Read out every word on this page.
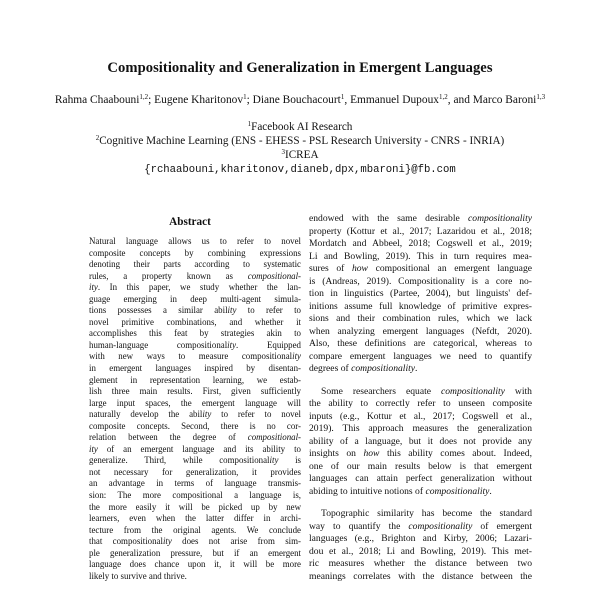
Compositionality and Generalization in Emergent Languages
Rahma Chaabouni$^{1,2}$; Eugene Kharitonov$^1$; Diane Bouchacourt$^1$, Emmanuel Dupoux$^{1,2}$, and Marco Baroni$^{1,3}$
$^1$Facebook AI Research
$^2$Cognitive Machine Learning (ENS - EHESS - PSL Research University - CNRS - INRIA)
$^3$ICREA
{rchaabouni,kharitonov,dianeb,dpx,mbaroni}@fb.com
Abstract
Natural language allows us to refer to novel
composite concepts by combining expressions
denoting their parts according to systematic
rules, a property known as compositional-
ity. In this paper, we study whether the lan-
guage emerging in deep multi-agent simula-
tions possesses a similar ability to refer to
novel primitive combinations, and whether it
accomplishes this feat by strategies akin to
human-language compositionality. Equipped
with new ways to measure compositionality
in emergent languages inspired by disentan-
glement in representation learning, we estab-
lish three main results. First, given sufficiently
large input spaces, the emergent language will
naturally develop the ability to refer to novel
composite concepts. Second, there is no cor-
relation between the degree of compositional-
ity of an emergent language and its ability to
generalize. Third, while compositionality is
not necessary for generalization, it provides
an advantage in terms of language transmis-
sion: The more compositional a language is,
the more easily it will be picked up by new
learners, even when the latter differ in archi-
tecture from the original agents. We conclude
that compositionality does not arise from sim-
ple generalization pressure, but if an emergent
language does chance upon it, it will be more
likely to survive and thrive.
endowed with the same desirable compositionality
property (Kottur et al., 2017; Lazaridou et al., 2018;
Mordatch and Abbeel, 2018; Cogswell et al., 2019;
Li and Bowling, 2019). This in turn requires mea-
sures of how compositional an emergent language
is (Andreas, 2019). Compositionality is a core no-
tion in linguistics (Partee, 2004), but linguists' def-
initions assume full knowledge of primitive expres-
sions and their combination rules, which we lack
when analyzing emergent languages (Nefdt, 2020).
Also, these definitions are categorical, whereas to
compare emergent languages we need to quantify
degrees of compositionality.
Some researchers equate compositionality with
the ability to correctly refer to unseen composite
inputs (e.g., Kottur et al., 2017; Cogswell et al.,
2019). This approach measures the generalization
ability of a language, but it does not provide any
insights on how this ability comes about. Indeed,
one of our main results below is that emergent
languages can attain perfect generalization without
abiding to intuitive notions of compositionality.
Topographic similarity has become the standard
way to quantify the compositionality of emergent
languages (e.g., Brighton and Kirby, 2006; Lazari-
dou et al., 2018; Li and Bowling, 2019). This met-
ric measures whether the distance between two
meanings correlates with the distance between the
